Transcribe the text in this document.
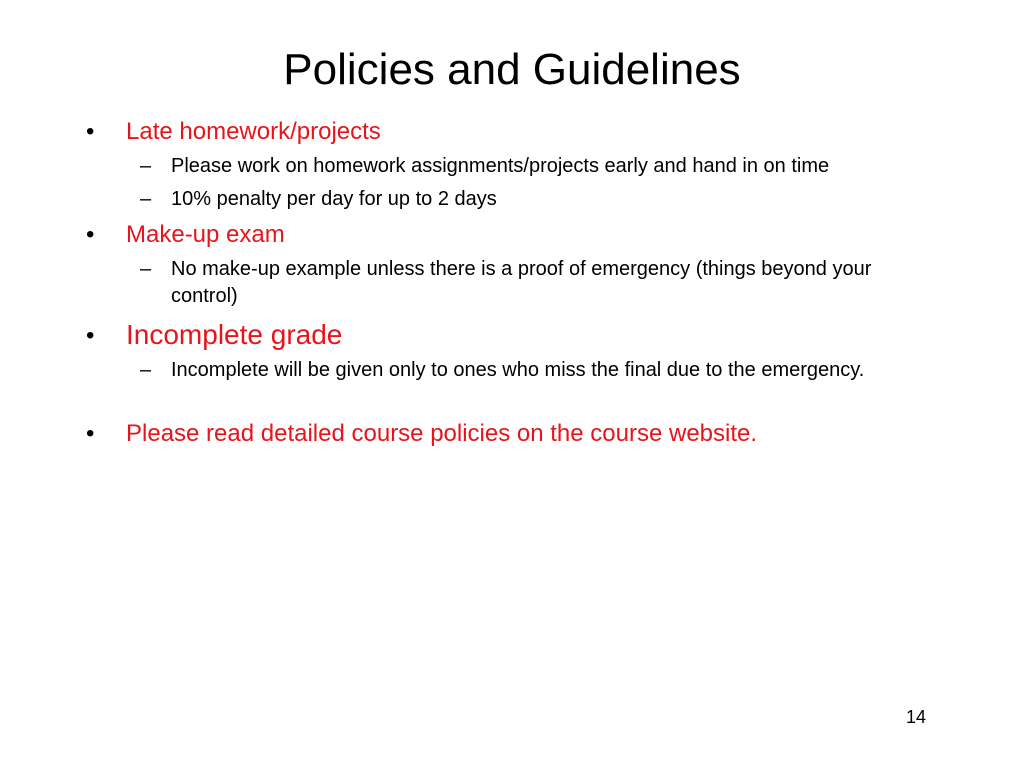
Policies and Guidelines
• Late homework/projects
– Please work on homework assignments/projects early and hand in on time
– 10% penalty per day for up to 2 days
• Make-up exam
– No make-up example unless there is a proof of emergency (things beyond your control)
• Incomplete grade
– Incomplete will be given only to ones who miss the final due to the emergency.
• Please read detailed course policies on the course website.
14
